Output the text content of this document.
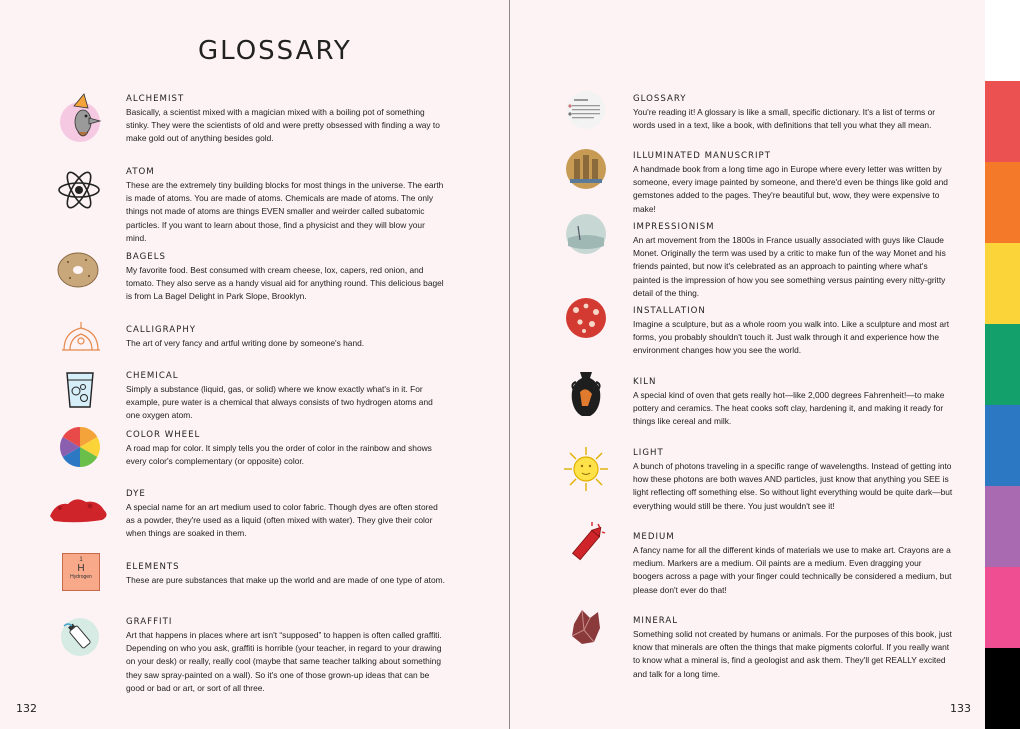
GLOSSARY
ALCHEMIST
Basically, a scientist mixed with a magician mixed with a boiling pot of something stinky. They were the scientists of old and were pretty obsessed with finding a way to make gold out of anything besides gold.
ATOM
These are the extremely tiny building blocks for most things in the universe. The earth is made of atoms. You are made of atoms. Chemicals are made of atoms. The only things not made of atoms are things EVEN smaller and weirder called subatomic particles. If you want to learn about those, find a physicist and they will blow your mind.
BAGELS
My favorite food. Best consumed with cream cheese, lox, capers, red onion, and tomato. They also serve as a handy visual aid for anything round. This delicious bagel is from La Bagel Delight in Park Slope, Brooklyn.
CALLIGRAPHY
The art of very fancy and artful writing done by someone's hand.
CHEMICAL
Simply a substance (liquid, gas, or solid) where we know exactly what's in it. For example, pure water is a chemical that always consists of two hydrogen atoms and one oxygen atom.
COLOR WHEEL
A road map for color. It simply tells you the order of color in the rainbow and shows every color's complementary (or opposite) color.
DYE
A special name for an art medium used to color fabric. Though dyes are often stored as a powder, they're used as a liquid (often mixed with water). They give their color when things are soaked in them.
1
H
Hydrogen
ELEMENTS
These are pure substances that make up the world and are made of one type of atom.
GRAFFITI
Art that happens in places where art isn't “supposed” to happen is often called graffiti. Depending on who you ask, graffiti is horrible (your teacher, in regard to your drawing on your desk) or really, really cool (maybe that same teacher talking about something they saw spray-painted on a wall). So it's one of those grown-up ideas that can be good or bad or art, or sort of all three.
132
GLOSSARY
You're reading it! A glossary is like a small, specific dictionary. It's a list of terms or words used in a text, like a book, with definitions that tell you what they all mean.
ILLUMINATED MANUSCRIPT
A handmade book from a long time ago in Europe where every letter was written by someone, every image painted by someone, and there'd even be things like gold and gemstones added to the pages. They're beautiful but, wow, they were expensive to make!
IMPRESSIONISM
An art movement from the 1800s in France usually associated with guys like Claude Monet. Originally the term was used by a critic to make fun of the way Monet and his friends painted, but now it's celebrated as an approach to painting where what's painted is the impression of how you see something versus painting every nitty-gritty detail of the thing.
INSTALLATION
Imagine a sculpture, but as a whole room you walk into. Like a sculpture and most art forms, you probably shouldn't touch it. Just walk through it and experience how the environment changes how you see the world.
KILN
A special kind of oven that gets really hot—like 2,000 degrees Fahrenheit!—to make pottery and ceramics. The heat cooks soft clay, hardening it, and making it ready for things like cereal and milk.
LIGHT
A bunch of photons traveling in a specific range of wavelengths. Instead of getting into how these photons are both waves AND particles, just know that anything you SEE is light reflecting off something else. So without light everything would be quite dark—but everything would still be there. You just wouldn't see it!
MEDIUM
A fancy name for all the different kinds of materials we use to make art. Crayons are a medium. Markers are a medium. Oil paints are a medium. Even dragging your boogers across a page with your finger could technically be considered a medium, but please don't ever do that!
MINERAL
Something solid not created by humans or animals. For the purposes of this book, just know that minerals are often the things that make pigments colorful. If you really want to know what a mineral is, find a geologist and ask them. They'll get REALLY excited and talk for a long time.
133
